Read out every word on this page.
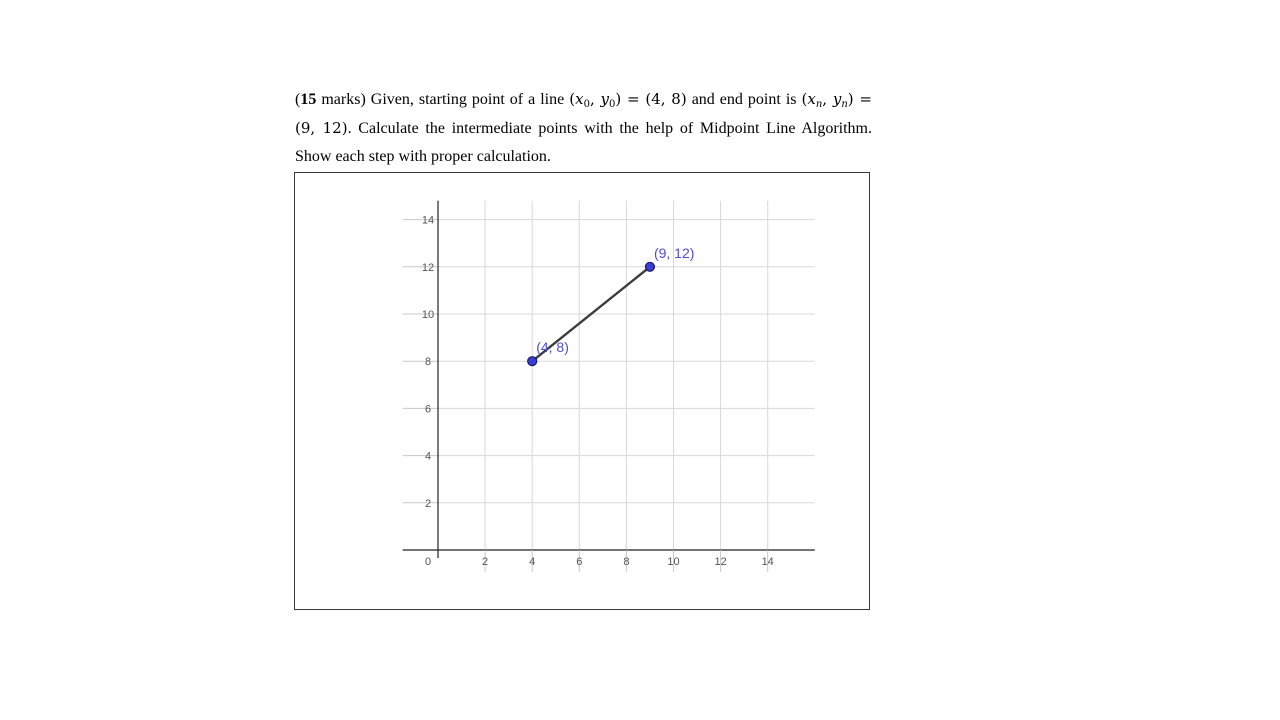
(15 marks) Given, starting point of a line ($x_0$, $y_0) = (4$, 8) and end point is ($x_n$, $y_n) = (9$, 12). Calculate the intermediate points with the help of Midpoint Line Algorithm. Show each step with proper calculation.
2	4	6	8	10	12	14
0
2
4
6
8
10
12
14
(4, 8)
(9, 12)
